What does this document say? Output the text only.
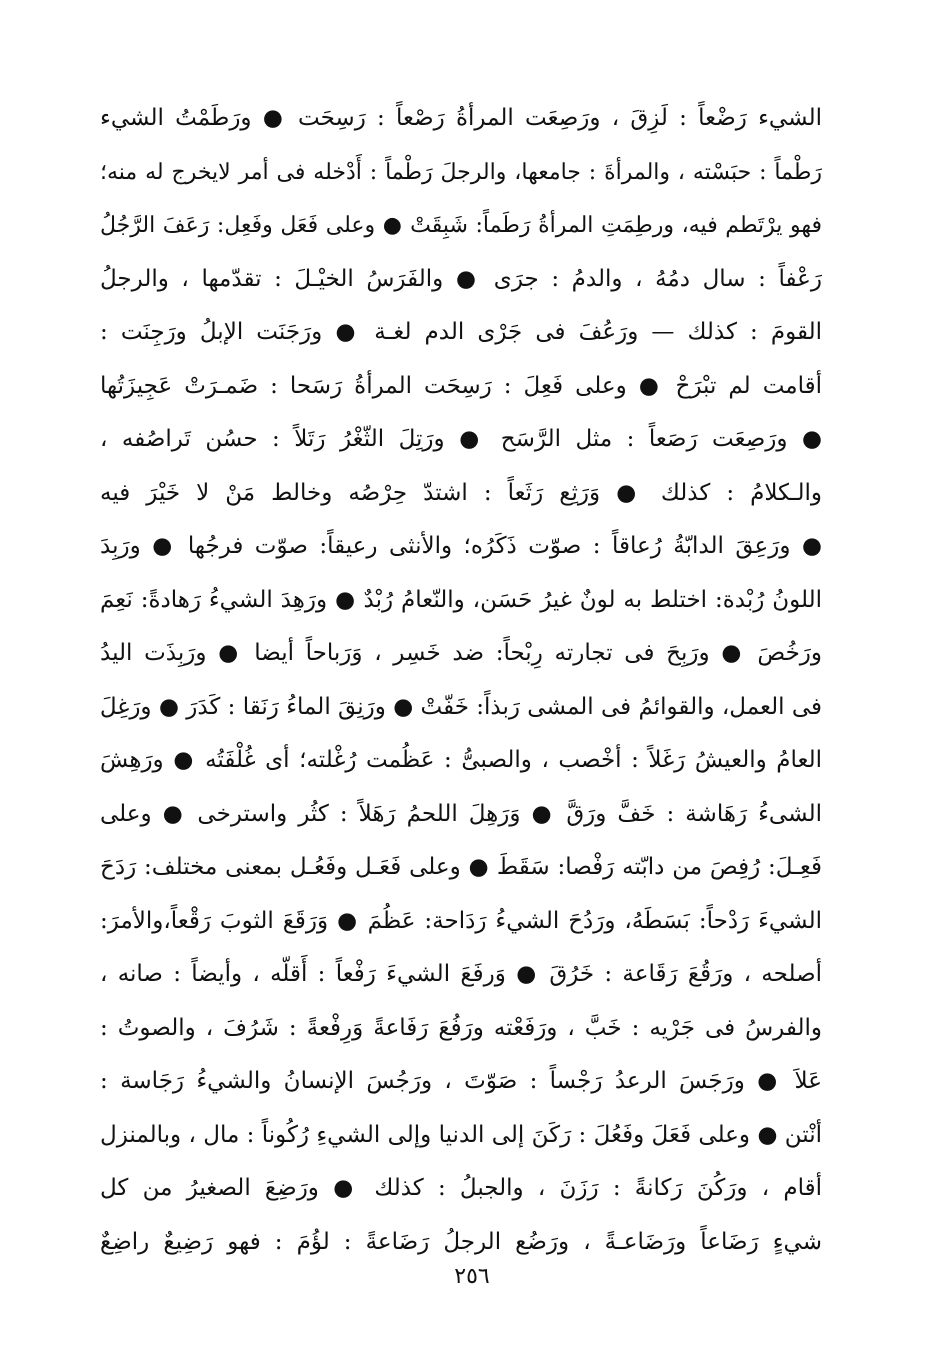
الشيء رَضْعاً : لَزِقَ ، ورَصِعَت المرأةُ رَصْعاً : رَسِحَت ● ورَطَمْتُ الشيء
رَطْماً : حبَسْته ، والمرأةَ : جامعها، والرجلَ رَطْماً : أَدْخله فى أمر لايخرج له منه؛
فهو يرْتَطم فيه، ورطِمَتِ المرأةُ رَطَماً: شَبِقَتْ ● وعلى فَعَل وفَعِل: رَعَفَ الرَّجُلُ
رَعْفاً : سال دمُهُ ، والدمُ : جرَى ● والفَرَسُ الخيْـلَ : تقدّمها ، والرجلُ
القومَ : كذلك — ورَعُفَ فى جَرْى الدم لغـة ● ورَجَنَت الإبلُ ورَجِنَت :
أقامت لم تبْرَحْ ● وعلى فَعِلَ : رَسِحَت المرأةُ رَسَحا : ضَمـرَتْ عَجِيزَتُها
● ورَصِعَت رَصَعاً : مثل الرَّسَح ● ورَتِلَ الثّغْرُ رَتَلاً : حسُن تَراصُفه ،
والـكلامُ : كذلك ● وَرَثِع رَثَعاً : اشتدّ حِرْصُه وخالط مَنْ لا خَيْرَ فيه
● ورَعِقَ الدابّةُ رُعاقاً : صوّت ذَكَرُه؛ والأنثى رعيقاً: صوّت فرجُها ● ورَبِدَ
اللونُ رُبْدة: اختلط به لونٌ غيرُ حَسَن، والنّعامُ رُبْدٌ ● ورَهِدَ الشيءُ رَهادةً: نَعِمَ
ورَخُصَ ● ورَبِحَ فى تجارته رِبْحاً: ضد خَسِر ، وَرَباحاً أيضا ● ورَبِذَت اليدُ
فى العمل، والقوائمُ فى المشى رَبذاً: خَفّتْ ● ورَنِقَ الماءُ رَنَقا : كَدَرَ ● ورَغِلَ
العامُ والعيشُ رَغَلاً : أخْصب ، والصبىُّ : عَظُمت رُغْلته؛ أى غُلْفَتُه ● ورَهِشَ
الشىءُ رَهَاشة : خَفَّ ورَقَّ ● وَرَهِلَ اللحمُ رَهَلاً : كثُر واسترخى ● وعلى
فَعِـلَ: رُفِصَ من دابّته رَفْصا: سَقَطَ ● وعلى فَعَـل وفَعُـل بمعنى مختلف: رَدَحَ
الشيءَ رَدْحاً: بَسَطَهُ، ورَدُحَ الشيءُ رَدَاحة: عَظُمَ ● وَرَقَعَ الثوبَ رَقْعاً،والأمرَ:
أصلحه ، ورَقُعَ رَقَاعة : خَرُقَ ● وَرفَعَ الشيءَ رَفْعاً : أَقلّه ، وأيضاً : صانه ،
والفرسُ فى جَرْيه : خَبَّ ، ورَفَعْته ورَفُعَ رَفَاعةً وَرِفْعةً : شَرُفَ ، والصوتُ :
عَلاَ ● ورَجَسَ الرعدُ رَجْساً : صَوّتَ ، ورَجُسَ الإنسانُ والشيءُ رَجَاسة :
أنْتن ● وعلى فَعَلَ وفَعُلَ : رَكَنَ إلى الدنيا وإلى الشيءِ رُكُوناً : مال ، وبالمنزل
أقام ، ورَكُنَ رَكانةً : رَزَنَ ، والجبلُ : كذلك ● ورَضِعَ الصغيرُ من كل
شيءٍ رَضَاعاً ورَضَاعـةً ، ورَضُع الرجلُ رَضَاعةً : لؤُمَ : فهو رَضِيعٌ راضِعٌ
٢٥٦
